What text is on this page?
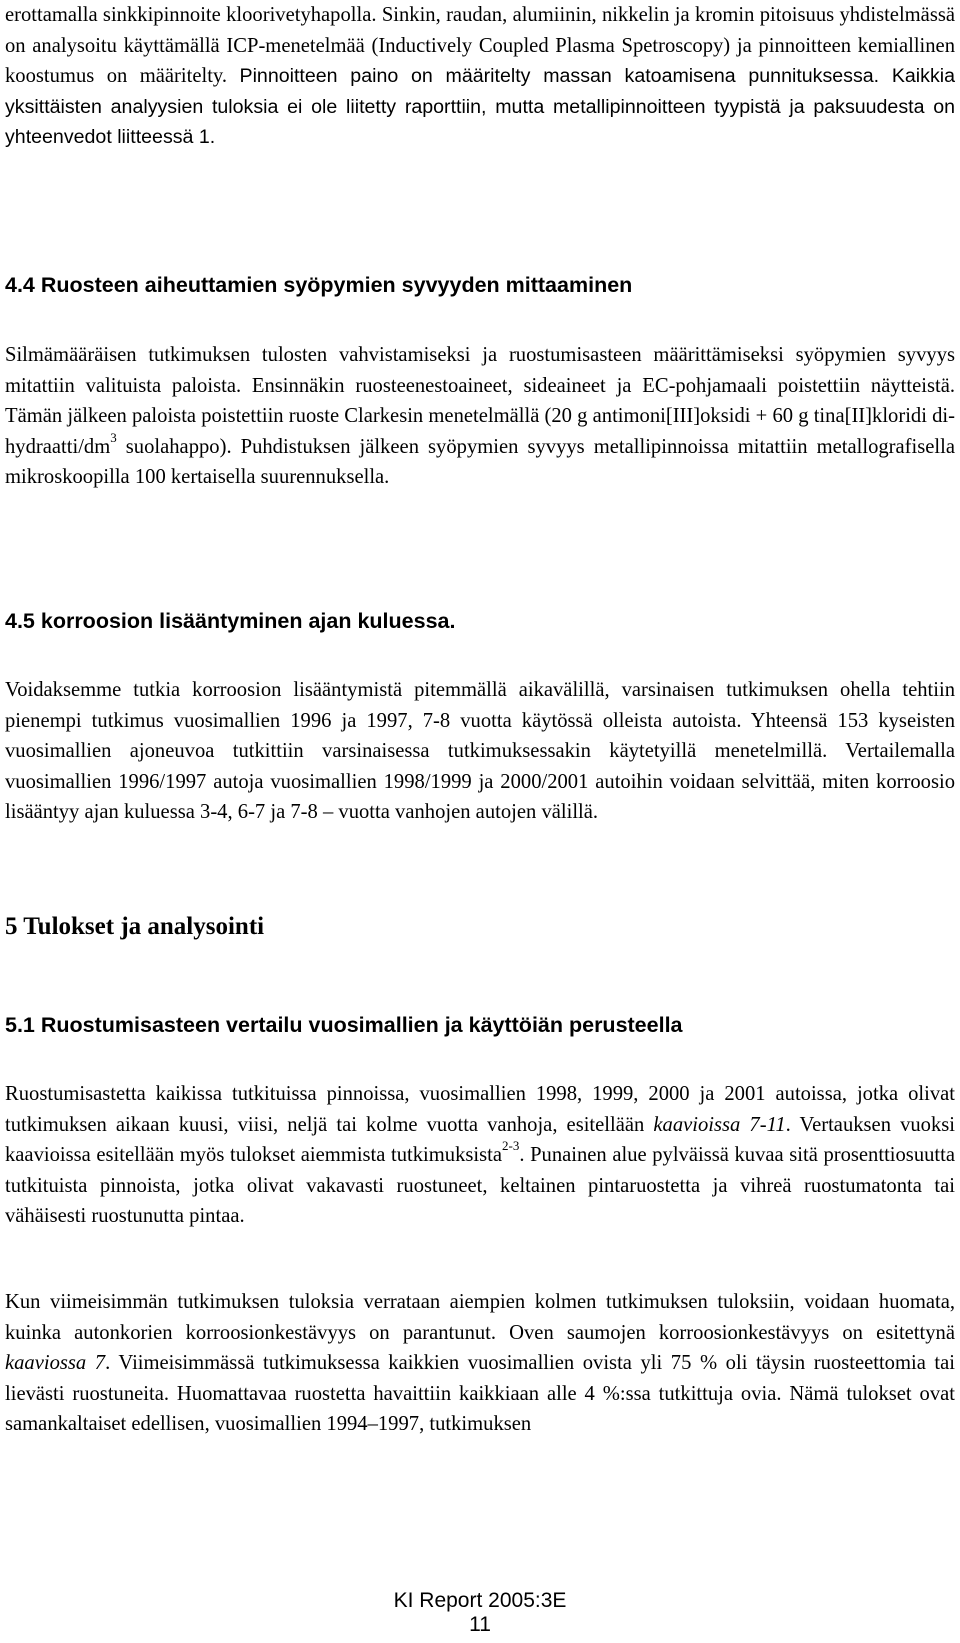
erottamalla sinkkipinnoite kloorivetyhapolla. Sinkin, raudan, alumiinin, nikkelin ja kromin pitoisuus yhdistelmässä on analysoitu käyttämällä ICP-menetelmää (Inductively Coupled Plasma Spetroscopy) ja pinnoitteen kemiallinen koostumus on määritelty. Pinnoitteen paino on määritelty massan katoamisena punnituksessa. Kaikkia yksittäisten analyysien tuloksia ei ole liitetty raporttiin, mutta metallipinnoitteen tyypistä ja paksuudesta on yhteenvedot liitteessä 1.

4.4 Ruosteen aiheuttamien syöpymien syvyyden mittaaminen

Silmämääräisen tutkimuksen tulosten vahvistamiseksi ja ruostumisasteen määrittämiseksi syöpymien syvyys mitattiin valituista paloista. Ensinnäkin ruosteenestoaineet, sideaineet ja EC-pohjamaali poistettiin näytteistä. Tämän jälkeen paloista poistettiin ruoste Clarkesin menetelmällä (20 g antimoni[III]oksidi + 60 g tina[II]kloridi $di-hydraatti/dm^3$ suolahappo). Puhdistuksen jälkeen syöpymien syvyys metallipinnoissa mitattiin metallografisella mikroskoopilla 100 kertaisella suurennuksella.

4.5 korroosion lisääntyminen ajan kuluessa.

Voidaksemme tutkia korroosion lisääntymistä pitemmällä aikavälillä, varsinaisen tutkimuksen ohella tehtiin pienempi tutkimus vuosimallien 1996 ja 1997, 7-8 vuotta käytössä olleista autoista. Yhteensä 153 kyseisten vuosimallien ajoneuvoa tutkittiin varsinaisessa tutkimuksessakin käytetyillä menetelmillä. Vertailemalla vuosimallien 1996/1997 autoja vuosimallien 1998/1999 ja 2000/2001 autoihin voidaan selvittää, miten korroosio lisääntyy ajan kuluessa 3-4, 6-7 ja 7-8 – vuotta vanhojen autojen välillä.

5 Tulokset ja analysointi
5.1 Ruostumisasteen vertailu vuosimallien ja käyttöiän perusteella

Ruostumisastetta kaikissa tutkituissa pinnoissa, vuosimallien 1998, 1999, 2000 ja 2001 autoissa, jotka olivat tutkimuksen aikaan kuusi, viisi, neljä tai kolme vuotta vanhoja, esitellään kaavioissa 7-11. Vertauksen vuoksi kaavioissa esitellään myös tulokset aiemmista tutkimuksista$^{2-3}$. Punainen alue pylväissä kuvaa sitä prosenttiosuutta tutkituista pinnoista, jotka olivat vakavasti ruostuneet, keltainen pintaruostetta ja vihreä ruostumatonta tai vähäisesti ruostunutta pintaa.

Kun viimeisimmän tutkimuksen tuloksia verrataan aiempien kolmen tutkimuksen tuloksiin, voidaan huomata, kuinka autonkorien korroosionkestävyys on parantunut. Oven saumojen korroosionkestävyys on esitettynä kaaviossa 7. Viimeisimmässä tutkimuksessa kaikkien vuosimallien ovista yli 75 % oli täysin ruosteettomia tai lievästi ruostuneita. Huomattavaa ruostetta havaittiin kaikkiaan alle 4 %:ssa tutkittuja ovia. Nämä tulokset ovat samankaltaiset edellisen, vuosimallien 1994–1997, tutkimuksen

KI Report 2005:3E
11
